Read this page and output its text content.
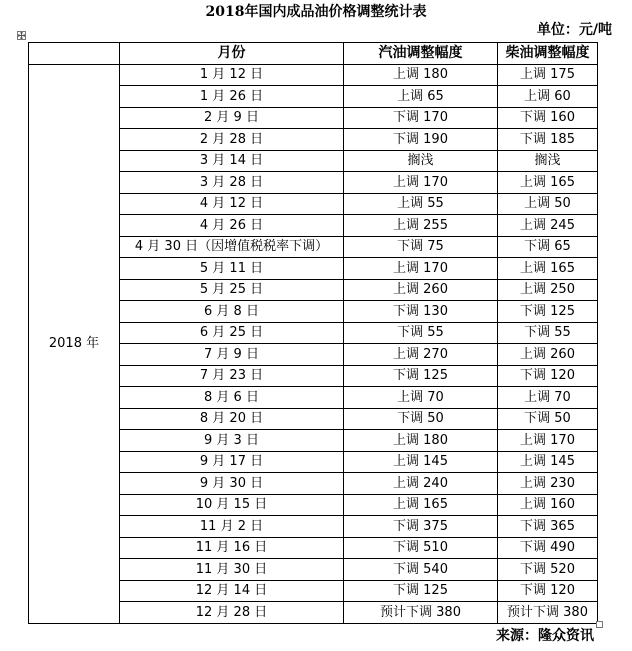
2018年国内成品油价格调整统计表
单位：元/吨
	月份	汽油调整幅度	柴油调整幅度
2018 年	1 月 12 日	上调 180	上调 175
	1 月 26 日	上调 65	上调 60
	2 月 9 日	下调 170	下调 160
	2 月 28 日	下调 190	下调 185
	3 月 14 日	搁浅	搁浅
	3 月 28 日	上调 170	上调 165
	4 月 12 日	上调 55	上调 50
	4 月 26 日	上调 255	上调 245
	4 月 30 日（因增值税税率下调）	下调 75	下调 65
	5 月 11 日	上调 170	上调 165
	5 月 25 日	上调 260	上调 250
	6 月 8 日	下调 130	下调 125
	6 月 25 日	下调 55	下调 55
	7 月 9 日	上调 270	上调 260
	7 月 23 日	下调 125	下调 120
	8 月 6 日	上调 70	上调 70
	8 月 20 日	下调 50	下调 50
	9 月 3 日	上调 180	上调 170
	9 月 17 日	上调 145	上调 145
	9 月 30 日	上调 240	上调 230
	10 月 15 日	上调 165	上调 160
	11 月 2 日	下调 375	下调 365
	11 月 16 日	下调 510	下调 490
	11 月 30 日	下调 540	下调 520
	12 月 14 日	下调 125	下调 120
	12 月 28 日	预计下调 380	预计下调 380
来源：隆众资讯
